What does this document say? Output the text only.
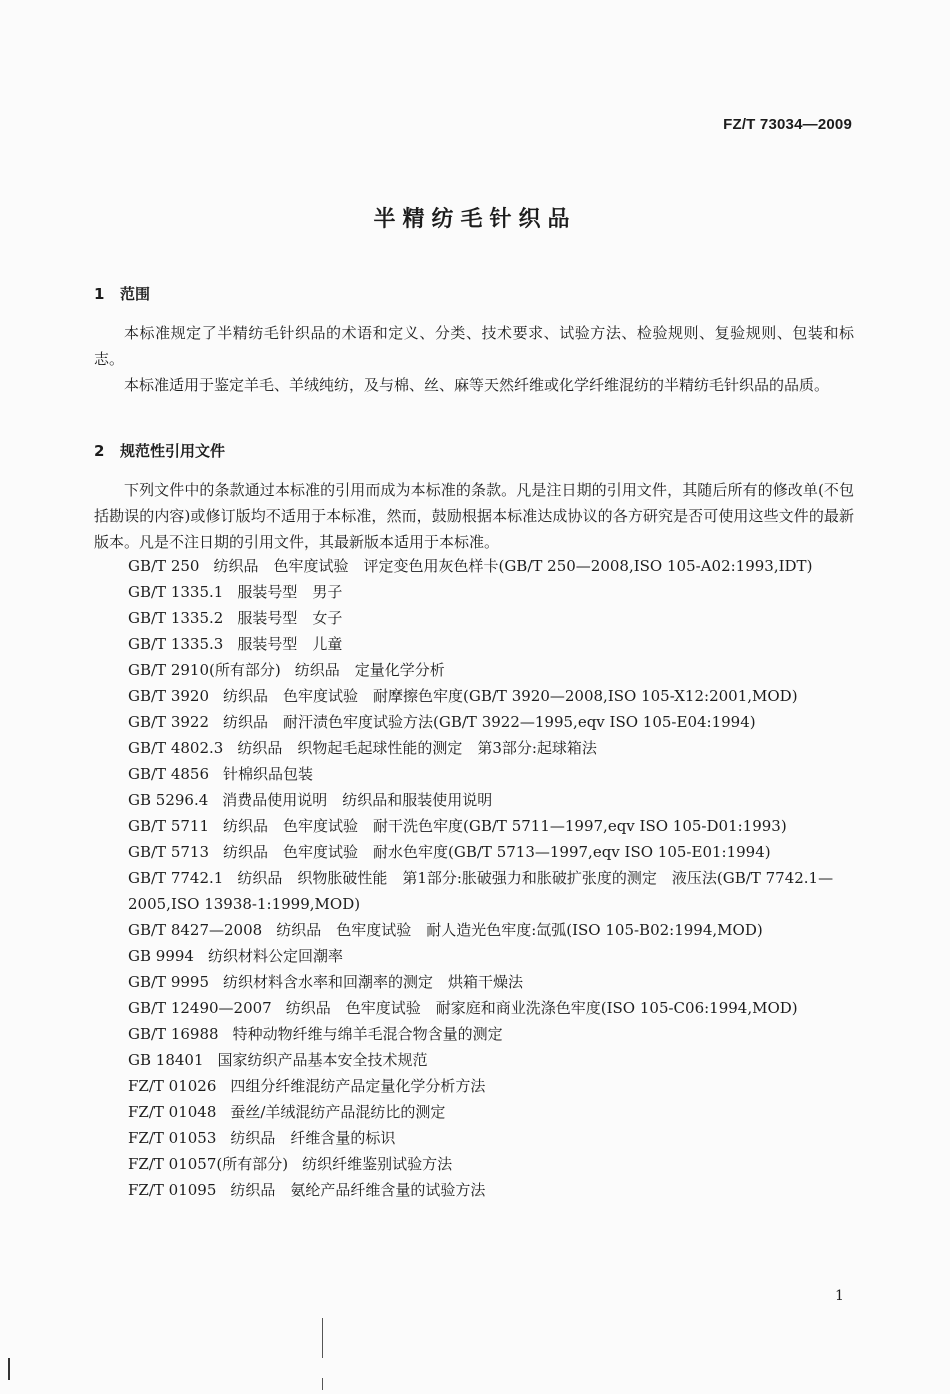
FZ/T 73034—2009
半精纺毛针织品
1 范围
本标准规定了半精纺毛针织品的术语和定义、分类、技术要求、试验方法、检验规则、复验规则、包装和标志。
本标准适用于鉴定羊毛、羊绒纯纺，及与棉、丝、麻等天然纤维或化学纤维混纺的半精纺毛针织品的品质。
2 规范性引用文件
下列文件中的条款通过本标准的引用而成为本标准的条款。凡是注日期的引用文件，其随后所有的修改单(不包括勘误的内容)或修订版均不适用于本标准，然而，鼓励根据本标准达成协议的各方研究是否可使用这些文件的最新版本。凡是不注日期的引用文件，其最新版本适用于本标准。
GB/T 250 纺织品　色牢度试验　评定变色用灰色样卡(GB/T 250—2008,ISO 105-A02:1993,IDT)
GB/T 1335.1 服装号型　男子
GB/T 1335.2 服装号型　女子
GB/T 1335.3 服装号型　儿童
GB/T 2910(所有部分) 纺织品　定量化学分析
GB/T 3920 纺织品　色牢度试验　耐摩擦色牢度(GB/T 3920—2008,ISO 105-X12:2001,MOD)
GB/T 3922 纺织品　耐汗渍色牢度试验方法(GB/T 3922—1995,eqv ISO 105-E04:1994)
GB/T 4802.3 纺织品　织物起毛起球性能的测定　第3部分:起球箱法
GB/T 4856 针棉织品包装
GB 5296.4 消费品使用说明　纺织品和服装使用说明
GB/T 5711 纺织品　色牢度试验　耐干洗色牢度(GB/T 5711—1997,eqv ISO 105-D01:1993)
GB/T 5713 纺织品　色牢度试验　耐水色牢度(GB/T 5713—1997,eqv ISO 105-E01:1994)
GB/T 7742.1 纺织品　织物胀破性能　第1部分:胀破强力和胀破扩张度的测定　液压法(GB/T 7742.1—2005,ISO 13938-1:1999,MOD)
GB/T 8427—2008 纺织品　色牢度试验　耐人造光色牢度:氙弧(ISO 105-B02:1994,MOD)
GB 9994 纺织材料公定回潮率
GB/T 9995 纺织材料含水率和回潮率的测定　烘箱干燥法
GB/T 12490—2007 纺织品　色牢度试验　耐家庭和商业洗涤色牢度(ISO 105-C06:1994,MOD)
GB/T 16988 特种动物纤维与绵羊毛混合物含量的测定
GB 18401 国家纺织产品基本安全技术规范
FZ/T 01026 四组分纤维混纺产品定量化学分析方法
FZ/T 01048 蚕丝/羊绒混纺产品混纺比的测定
FZ/T 01053 纺织品　纤维含量的标识
FZ/T 01057(所有部分) 纺织纤维鉴别试验方法
FZ/T 01095 纺织品　氨纶产品纤维含量的试验方法
1
